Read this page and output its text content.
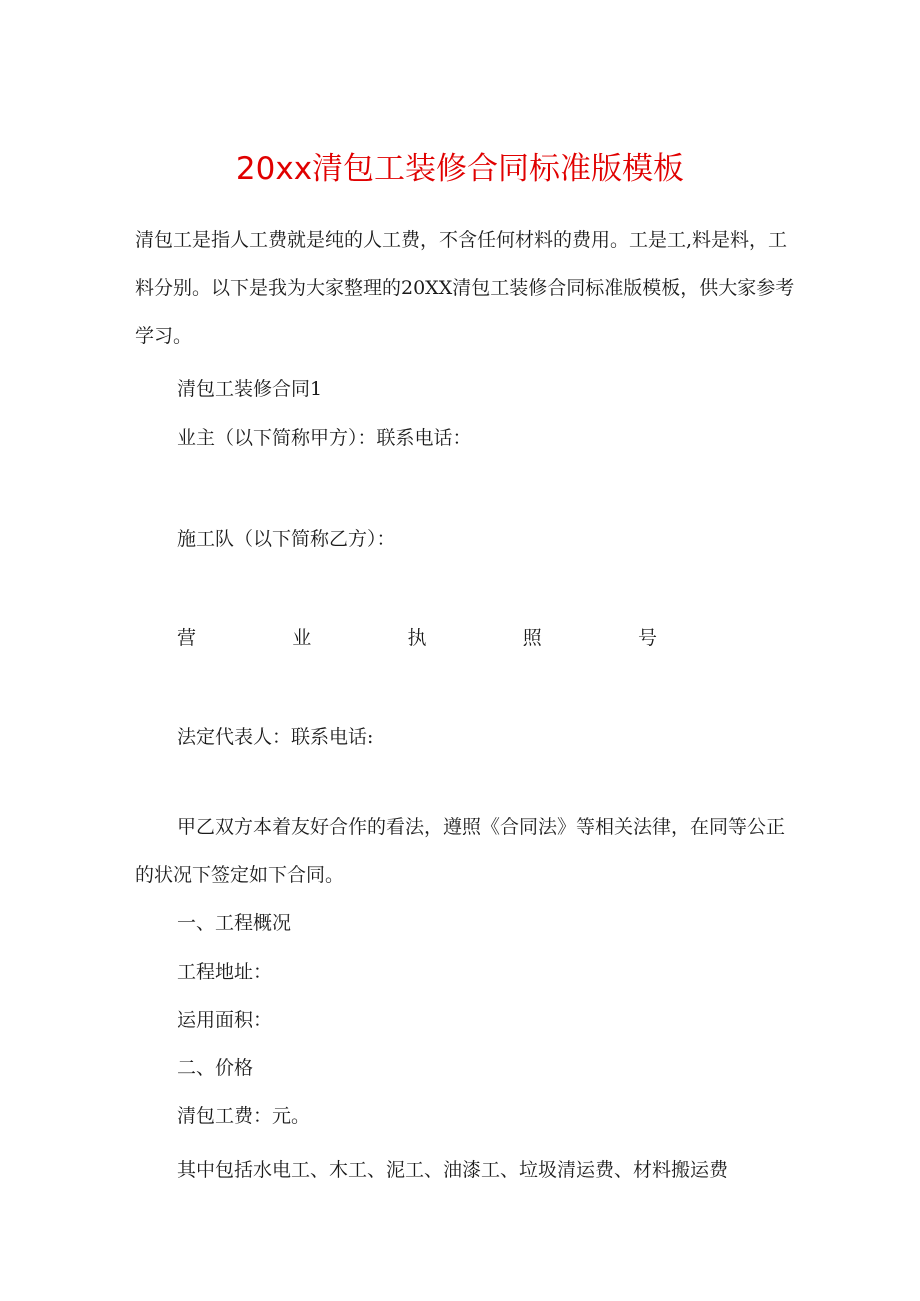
20xx清包工装修合同标准版模板

清包工是指人工费就是纯的人工费，不含任何材料的费用。工是工,料是料，工料分别。以下是我为大家整理的20XX清包工装修合同标准版模板，供大家参考学习。

清包工装修合同1

业主（以下简称甲方）：联系电话：

施工队（以下简称乙方）：

营	业	执	照	号

法定代表人：联系电话:

甲乙双方本着友好合作的看法，遵照《合同法》等相关法律，在同等公正的状况下签定如下合同。

一、工程概况

工程地址：

运用面积：

二、价格

清包工费：元。

其中包括水电工、木工、泥工、油漆工、垃圾清运费、材料搬运费
